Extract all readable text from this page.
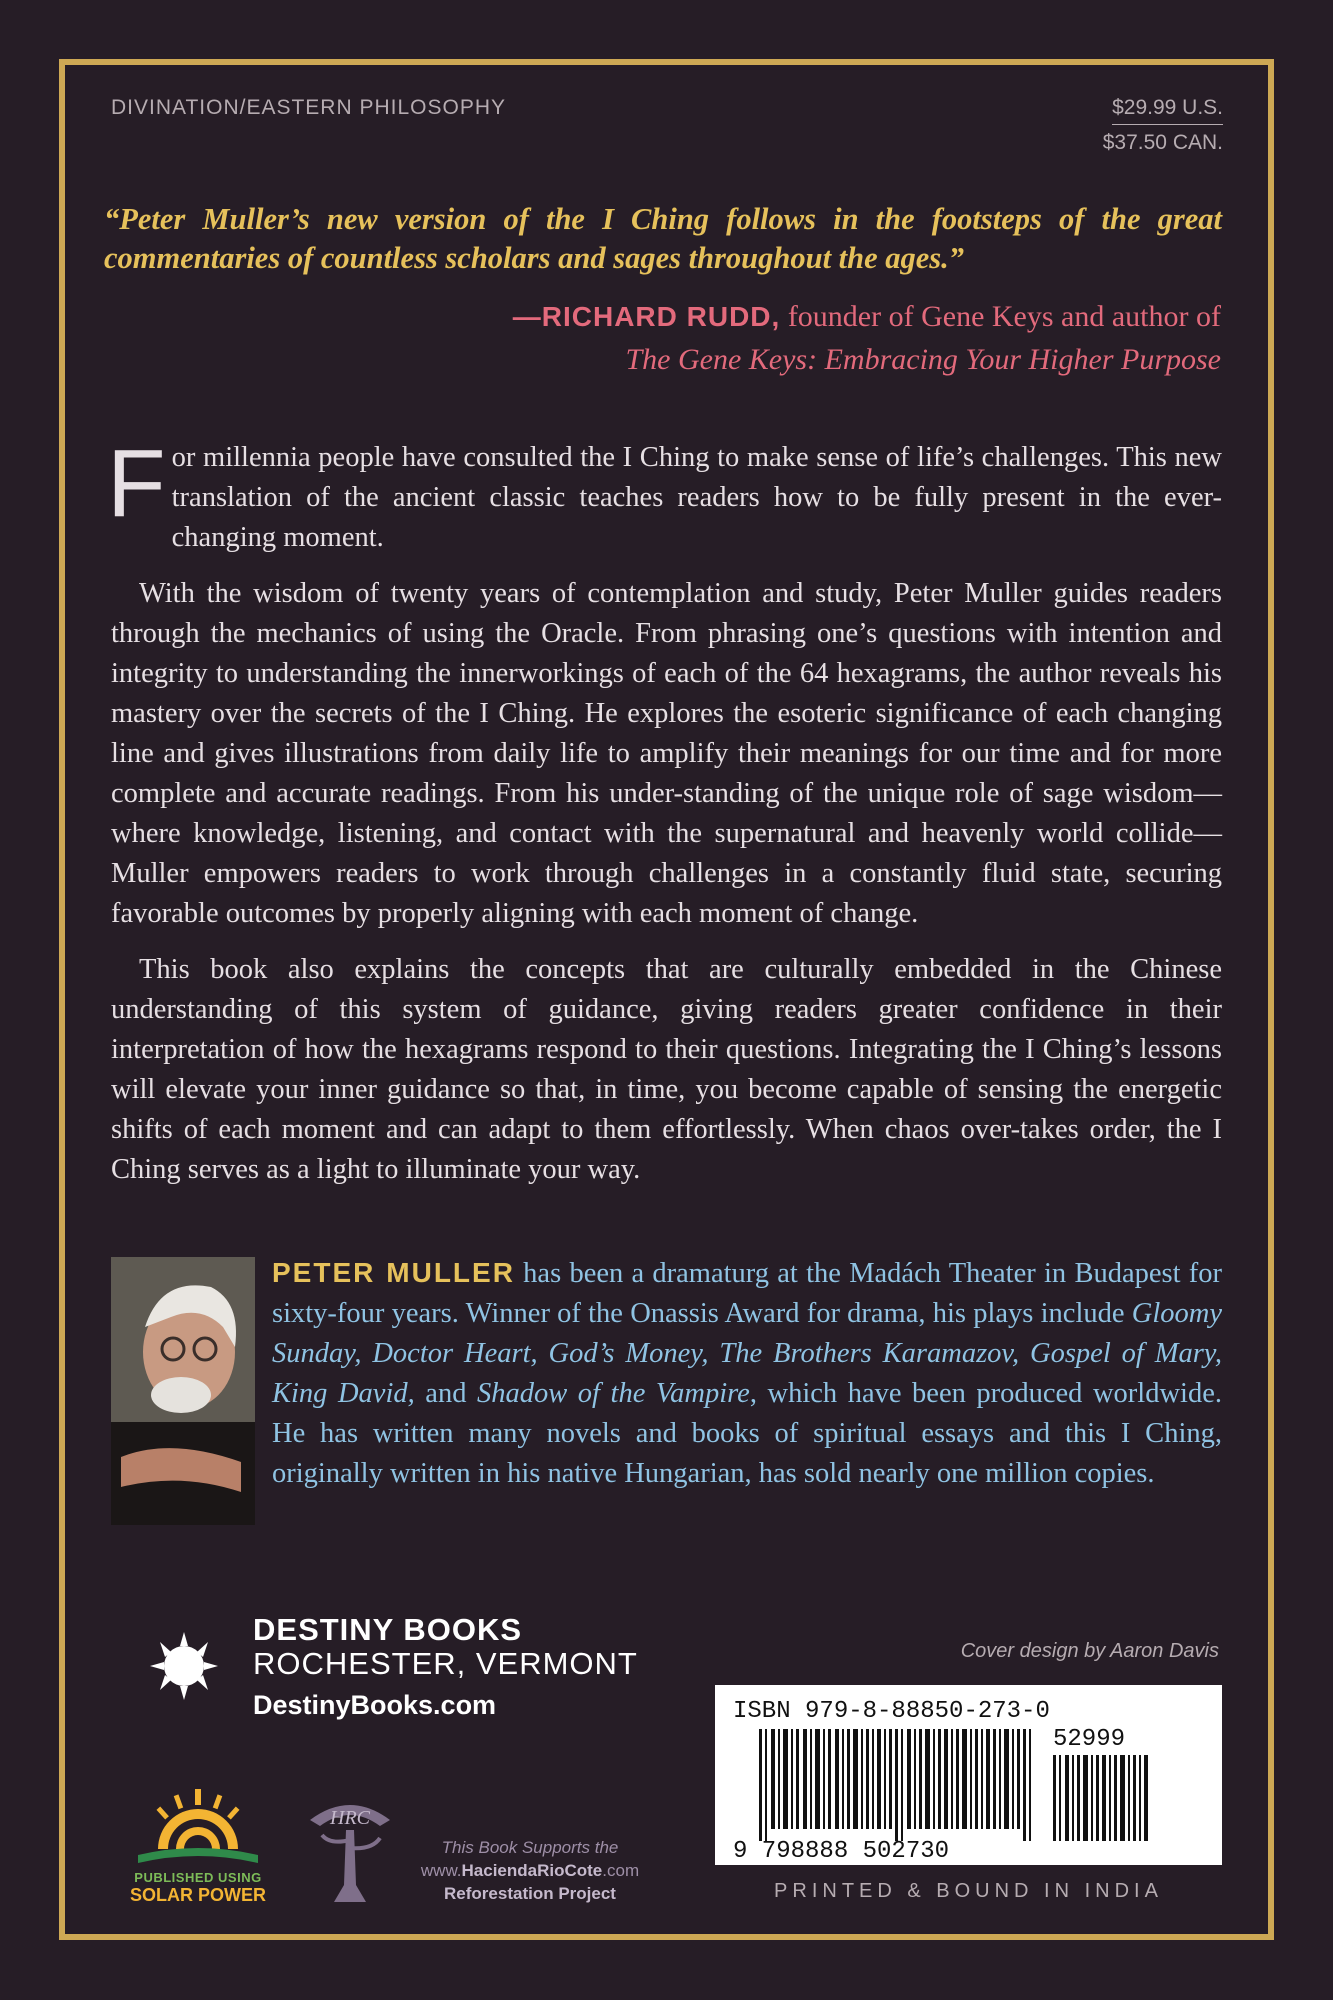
DIVINATION/EASTERN PHILOSOPHY	$29.99 U.S.
$37.50 CAN.
“Peter Muller’s new version of the I Ching follows in the footsteps of the great commentaries of countless scholars and sages throughout the ages.”
—RICHARD RUDD, founder of Gene Keys and author of
The Gene Keys: Embracing Your Higher Purpose

For millennia people have consulted the I Ching to make sense of life’s challenges. This new translation of the ancient classic teaches readers how to be fully present in the ever-changing moment.

With the wisdom of twenty years of contemplation and study, Peter Muller guides readers through the mechanics of using the Oracle. From phrasing one’s questions with intention and integrity to understanding the innerworkings of each of the 64 hexagrams, the author reveals his mastery over the secrets of the I Ching. He explores the esoteric significance of each changing line and gives illustrations from daily life to amplify their meanings for our time and for more complete and accurate readings. From his under-standing of the unique role of sage wisdom—where knowledge, listening, and contact with the supernatural and heavenly world collide—Muller empowers readers to work through challenges in a constantly fluid state, securing favorable outcomes by properly aligning with each moment of change.

This book also explains the concepts that are culturally embedded in the Chinese understanding of this system of guidance, giving readers greater confidence in their interpretation of how the hexagrams respond to their questions. Integrating the I Ching’s lessons will elevate your inner guidance so that, in time, you become capable of sensing the energetic shifts of each moment and can adapt to them effortlessly. When chaos over-takes order, the I Ching serves as a light to illuminate your way.

PETER MULLER has been a dramaturg at the Madách Theater in Budapest for sixty-four years. Winner of the Onassis Award for drama, his plays include Gloomy Sunday, Doctor Heart, God’s Money, The Brothers Karamazov, Gospel of Mary, King David, and Shadow of the Vampire, which have been produced worldwide. He has written many novels and books of spiritual essays and this I Ching, originally written in his native Hungarian, has sold nearly one million copies.
DESTINY BOOKS
ROCHESTER, VERMONT
DestinyBooks.com
Cover design by Aaron Davis
ISBN 979-8-88850-273-0
9 798888 502730
52999
PRINTED & BOUND IN INDIA
PUBLISHED USING
SOLAR POWER
HRC
This Book Supports the
www.HaciendaRioCote.com
Reforestation Project
